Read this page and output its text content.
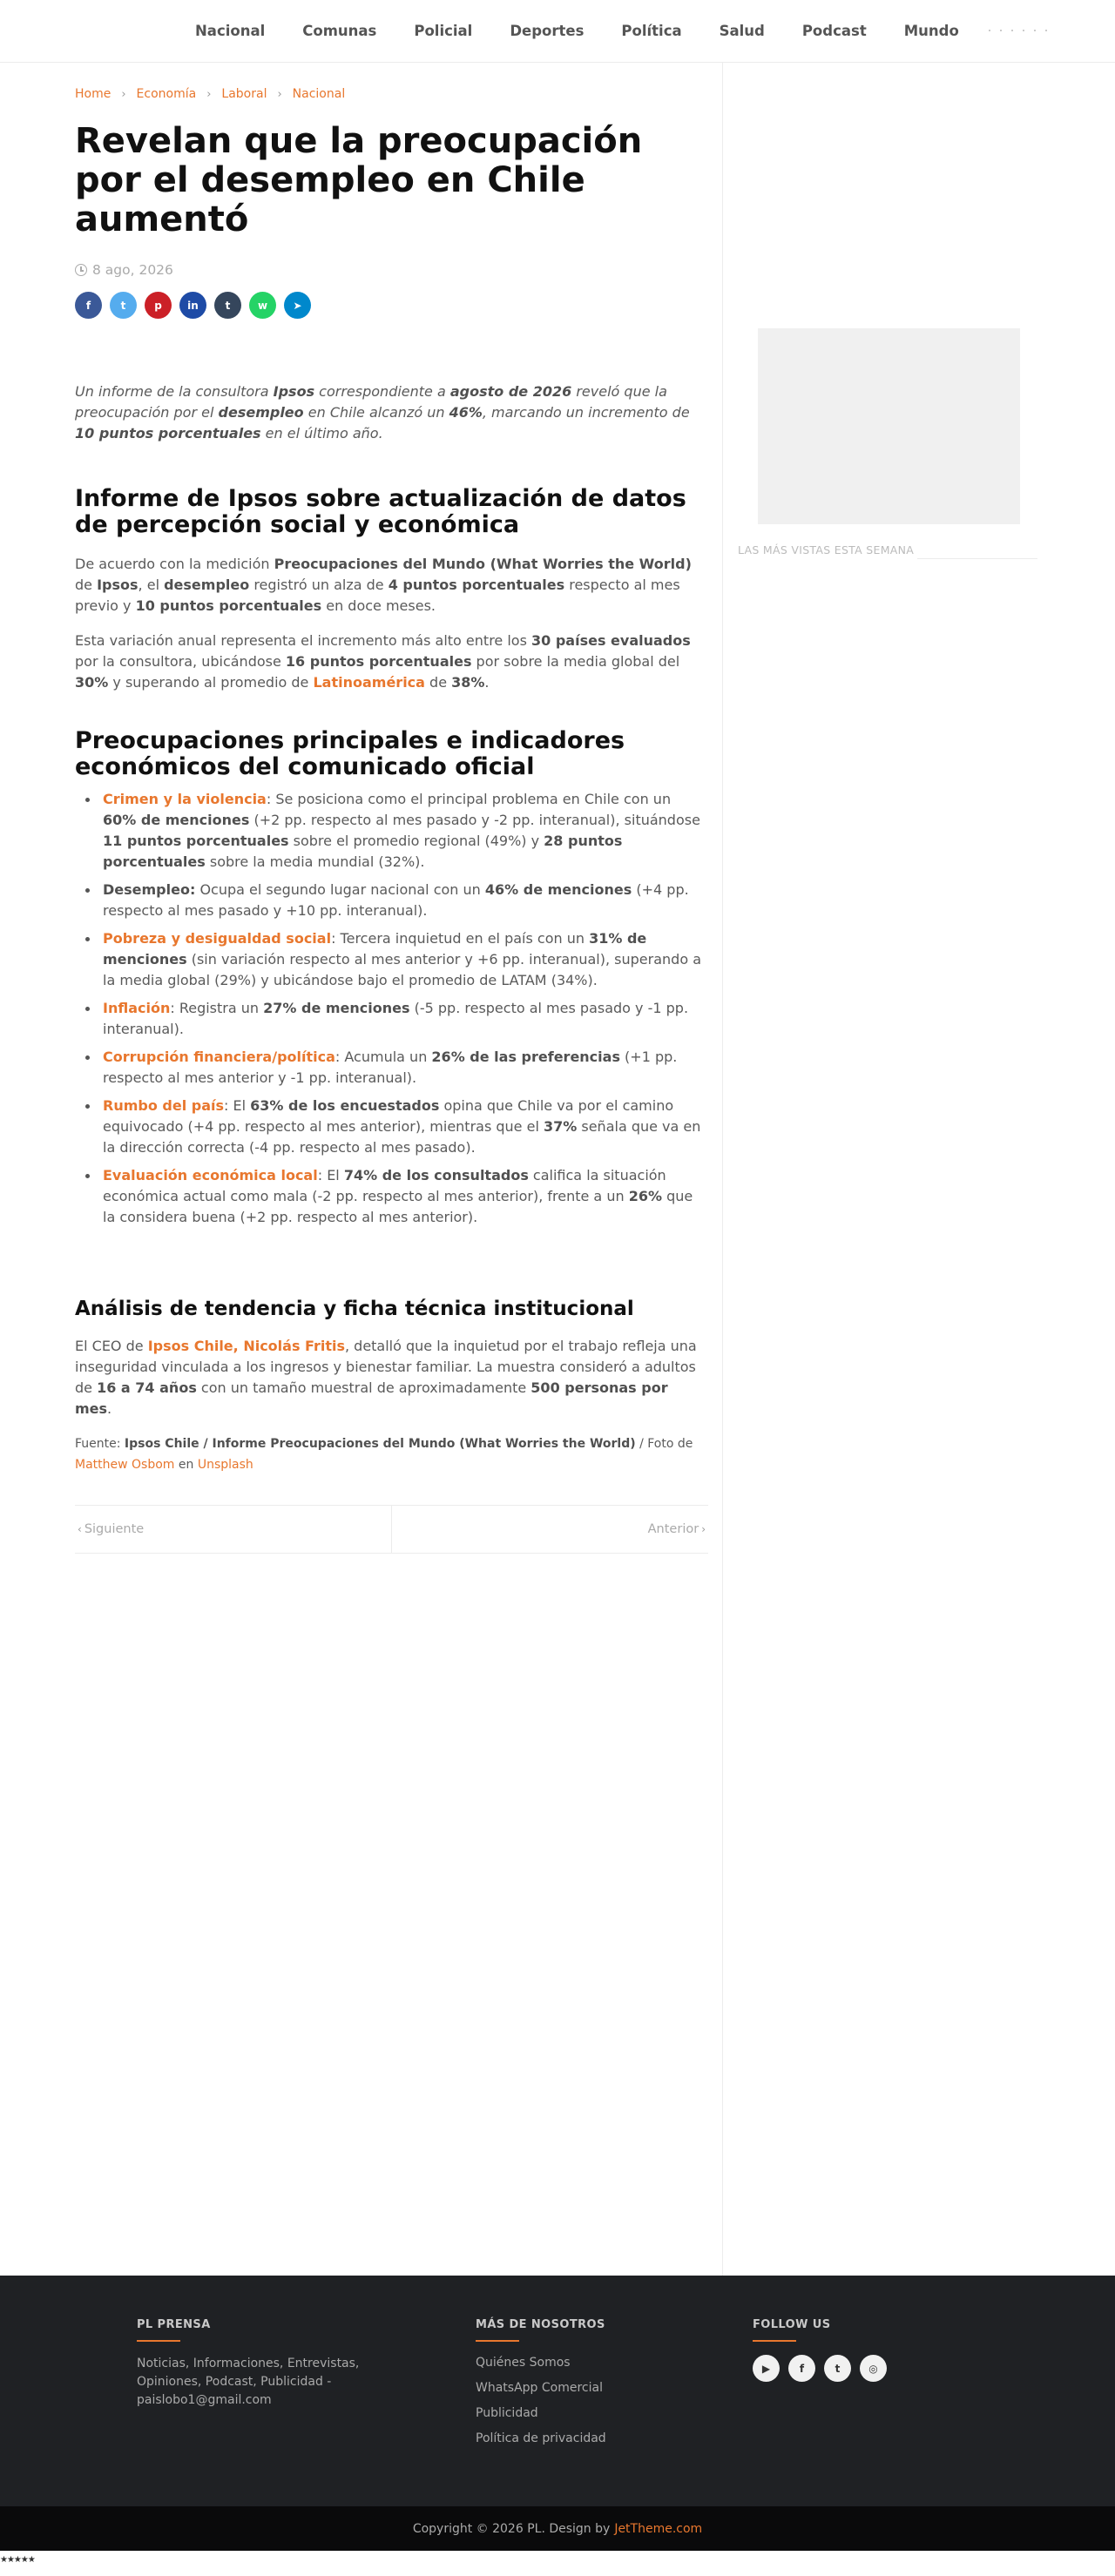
Nacional	Comunas	Policial	Deportes	Política	Salud	Podcast	Mundo
Home › Economía › Laboral › Nacional
Revelan que la preocupación por el desempleo en Chile aumentó
8 ago, 2026
f	t	p	in	t	w	➤

Un informe de la consultora Ipsos correspondiente a agosto de 2026 reveló que la preocupación por el desempleo en Chile alcanzó un 46%, marcando un incremento de 10 puntos porcentuales en el último año.

Informe de Ipsos sobre actualización de datos de percepción social y económica

De acuerdo con la medición Preocupaciones del Mundo (What Worries the World) de Ipsos, el desempleo registró un alza de 4 puntos porcentuales respecto al mes previo y 10 puntos porcentuales en doce meses.

Esta variación anual representa el incremento más alto entre los 30 países evaluados por la consultora, ubicándose 16 puntos porcentuales por sobre la media global del 30% y superando al promedio de Latinoamérica de 38%.

Preocupaciones principales e indicadores económicos del comunicado oficial
Crimen y la violencia: Se posiciona como el principal problema en Chile con un 60% de menciones (+2 pp. respecto al mes pasado y -2 pp. interanual), situándose 11 puntos porcentuales sobre el promedio regional (49%) y 28 puntos porcentuales sobre la media mundial (32%).
Desempleo: Ocupa el segundo lugar nacional con un 46% de menciones (+4 pp. respecto al mes pasado y +10 pp. interanual).
Pobreza y desigualdad social: Tercera inquietud en el país con un 31% de menciones (sin variación respecto al mes anterior y +6 pp. interanual), superando a la media global (29%) y ubicándose bajo el promedio de LATAM (34%).
Inflación: Registra un 27% de menciones (-5 pp. respecto al mes pasado y -1 pp. interanual).
Corrupción financiera/política: Acumula un 26% de las preferencias (+1 pp. respecto al mes anterior y -1 pp. interanual).
Rumbo del país: El 63% de los encuestados opina que Chile va por el camino equivocado (+4 pp. respecto al mes anterior), mientras que el 37% señala que va en la dirección correcta (-4 pp. respecto al mes pasado).
Evaluación económica local: El 74% de los consultados califica la situación económica actual como mala (-2 pp. respecto al mes anterior), frente a un 26% que la considera buena (+2 pp. respecto al mes anterior).
Análisis de tendencia y ficha técnica institucional

El CEO de Ipsos Chile, Nicolás Fritis, detalló que la inquietud por el trabajo refleja una inseguridad vinculada a los ingresos y bienestar familiar. La muestra consideró a adultos de 16 a 74 años con un tamaño muestral de aproximadamente 500 personas por mes.

Fuente: Ipsos Chile / Informe Preocupaciones del Mundo (What Worries the World) / Foto de Matthew Osbom en Unsplash

‹ Siguiente	Anterior ›
LAS MÁS VISTAS ESTA SEMANA
PL PRENSA
Noticias, Informaciones, Entrevistas, Opiniones, Podcast, Publicidad - paislobo1@gmail.com
MÁS DE NOSOTROS
Quiénes Somos
WhatsApp Comercial
Publicidad
Política de privacidad
FOLLOW US
▶	f	t	◎
Copyright © 2026 PL. Design by JetTheme.com
★★★★★
